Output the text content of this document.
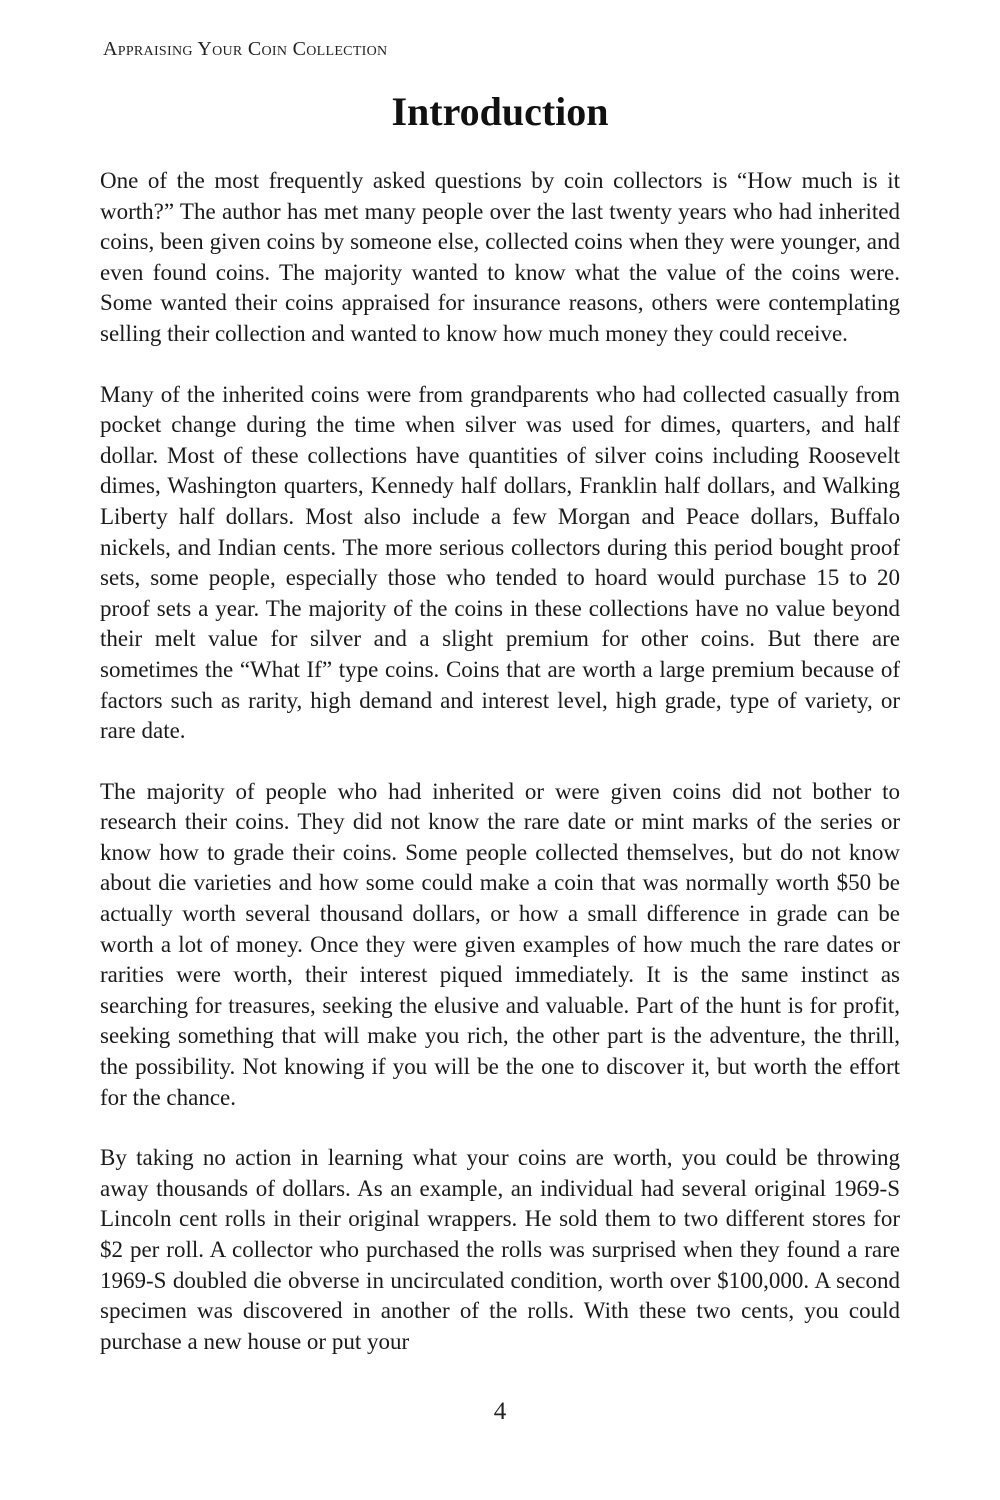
Appraising Your Coin Collection
Introduction

One of the most frequently asked questions by coin collectors is “How much is it worth?” The author has met many people over the last twenty years who had inherited coins, been given coins by someone else, collected coins when they were younger, and even found coins. The majority wanted to know what the value of the coins were. Some wanted their coins appraised for insurance reasons, others were contemplating selling their collection and wanted to know how much money they could receive.

Many of the inherited coins were from grandparents who had collected casually from pocket change during the time when silver was used for dimes, quarters, and half dollar. Most of these collections have quantities of silver coins including Roosevelt dimes, Washington quarters, Kennedy half dollars, Franklin half dollars, and Walking Liberty half dollars. Most also include a few Morgan and Peace dollars, Buffalo nickels, and Indian cents. The more serious collectors during this period bought proof sets, some people, especially those who tended to hoard would purchase 15 to 20 proof sets a year. The majority of the coins in these collections have no value beyond their melt value for silver and a slight premium for other coins. But there are sometimes the “What If” type coins. Coins that are worth a large premium because of factors such as rarity, high demand and interest level, high grade, type of variety, or rare date.

The majority of people who had inherited or were given coins did not bother to research their coins. They did not know the rare date or mint marks of the series or know how to grade their coins. Some people collected themselves, but do not know about die varieties and how some could make a coin that was normally worth $50 be actually worth several thousand dollars, or how a small difference in grade can be worth a lot of money. Once they were given examples of how much the rare dates or rarities were worth, their interest piqued immediately. It is the same instinct as searching for treasures, seeking the elusive and valuable. Part of the hunt is for profit, seeking something that will make you rich, the other part is the adventure, the thrill, the possibility. Not knowing if you will be the one to discover it, but worth the effort for the chance.

By taking no action in learning what your coins are worth, you could be throwing away thousands of dollars. As an example, an individual had several original 1969-S Lincoln cent rolls in their original wrappers. He sold them to two different stores for $2 per roll. A collector who purchased the rolls was surprised when they found a rare 1969-S doubled die obverse in uncirculated condition, worth over $100,000. A second specimen was discovered in another of the rolls. With these two cents, you could purchase a new house or put your

4
